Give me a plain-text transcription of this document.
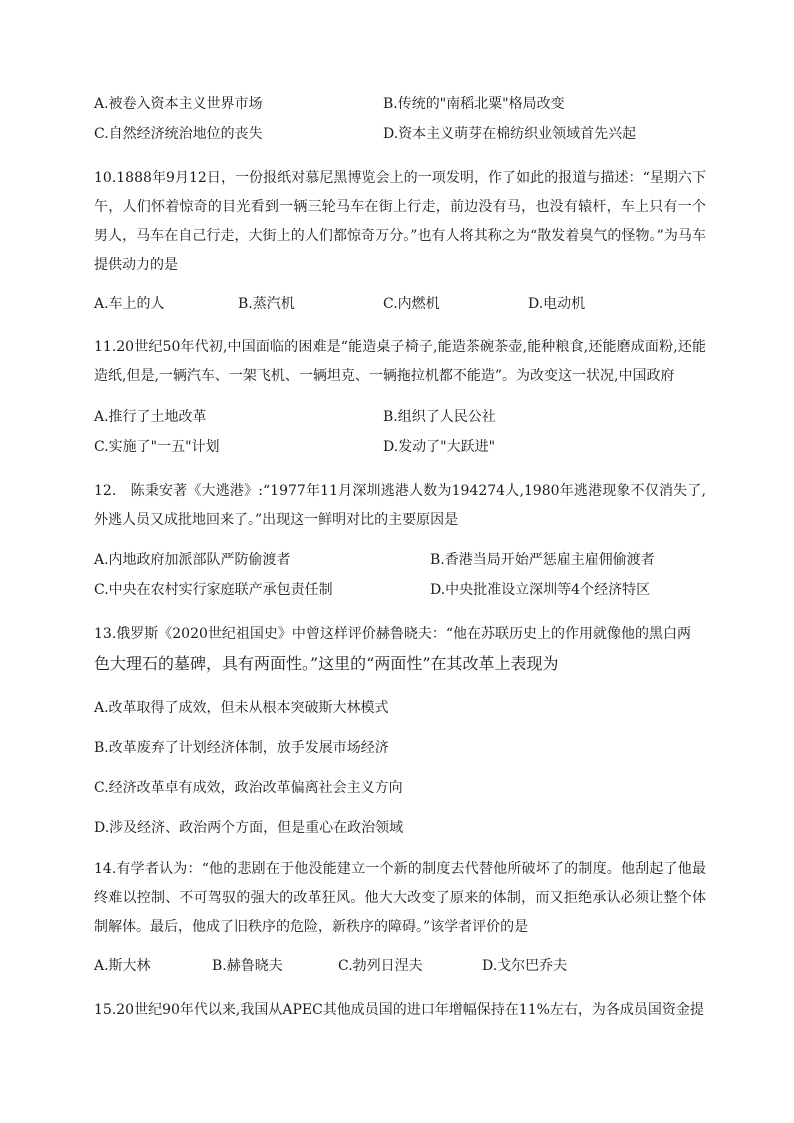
A.被卷入资本主义世界市场	B.传统的"南稻北粟"格局改变
C.自然经济统治地位的丧失	D.资本主义萌芽在棉纺织业领域首先兴起
10.1888年9月12日，一份报纸对慕尼黑博览会上的一项发明，作了如此的报道与描述：“星期六下午，人们怀着惊奇的目光看到一辆三轮马车在街上行走，前边没有马，也没有辕杆，车上只有一个男人，马车在自己行走，大街上的人们都惊奇万分。”也有人将其称之为“散发着臭气的怪物。”为马车提供动力的是
A.车上的人	B.蒸汽机	C.内燃机	D.电动机
11.20世纪50年代初,中国面临的困难是“能造桌子椅子,能造茶碗茶壶,能种粮食,还能磨成面粉,还能造纸,但是,一辆汽车、一架飞机、一辆坦克、一辆拖拉机都不能造”。为改变这一状况,中国政府
A.推行了土地改革	B.组织了人民公社
C.实施了"一五"计划	D.发动了"大跃进"
12.　陈秉安著《大逃港》:“1977年11月深圳逃港人数为194274人,1980年逃港现象不仅消失了,外逃人员又成批地回来了。”出现这一鲜明对比的主要原因是
A.内地政府加派部队严防偷渡者	B.香港当局开始严惩雇主雇佣偷渡者
C.中央在农村实行家庭联产承包责任制	D.中央批准设立深圳等4个经济特区
13.俄罗斯《2020世纪祖国史》中曾这样评价赫鲁晓夫：“他在苏联历史上的作用就像他的黑白两
色大理石的墓碑，具有两面性。”这里的“两面性”在其改革上表现为
A.改革取得了成效，但未从根本突破斯大林模式
B.改革废弃了计划经济体制，放手发展市场经济
C.经济改革卓有成效，政治改革偏离社会主义方向
D.涉及经济、政治两个方面，但是重心在政治领域
14.有学者认为：“他的悲剧在于他没能建立一个新的制度去代替他所破坏了的制度。他刮起了他最终难以控制、不可驾驭的强大的改革狂风。他大大改变了原来的体制，而又拒绝承认必须让整个体制解体。最后，他成了旧秩序的危险，新秩序的障碍。”该学者评价的是
A.斯大林	B.赫鲁晓夫	C.勃列日涅夫	D.戈尔巴乔夫
15.20世纪90年代以来,我国从APEC其他成员国的进口年增幅保持在11%左右，为各成员国资金提
